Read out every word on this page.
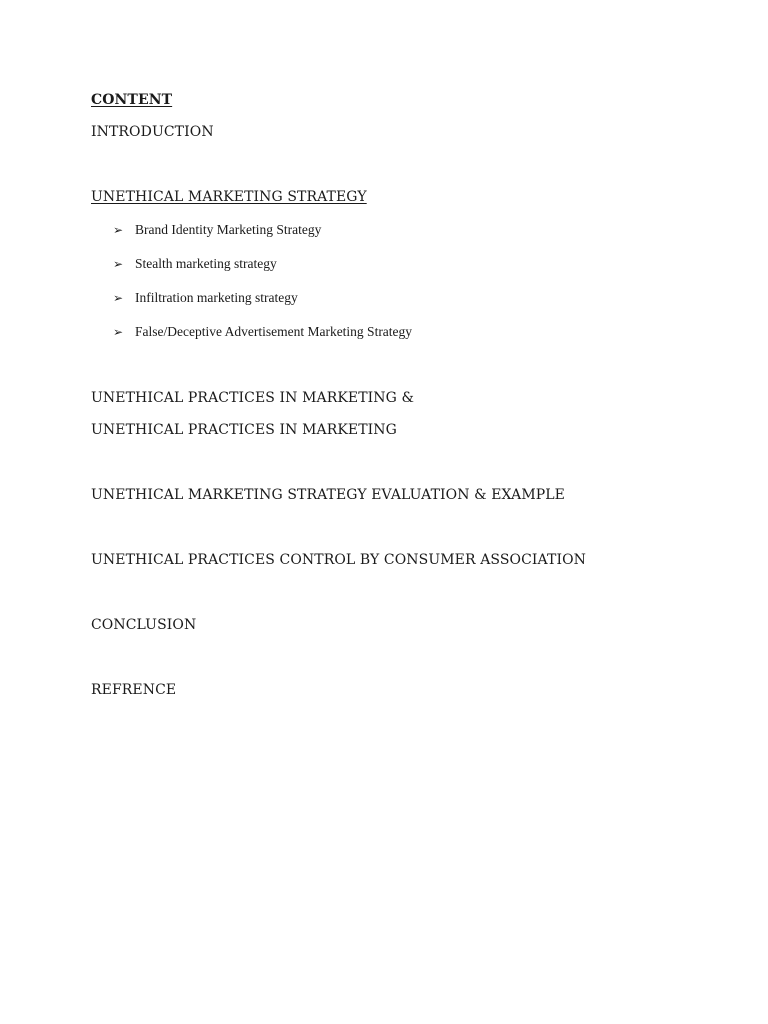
CONTENT
INTRODUCTION
UNETHICAL MARKETING STRATEGY
➢ Brand Identity Marketing Strategy
➢ Stealth marketing strategy
➢ Infiltration marketing strategy
➢ False/Deceptive Advertisement Marketing Strategy
UNETHICAL PRACTICES IN MARKETING &
UNETHICAL PRACTICES IN MARKETING
UNETHICAL MARKETING STRATEGY EVALUATION & EXAMPLE
UNETHICAL PRACTICES CONTROL BY CONSUMER ASSOCIATION
CONCLUSION
REFRENCE
